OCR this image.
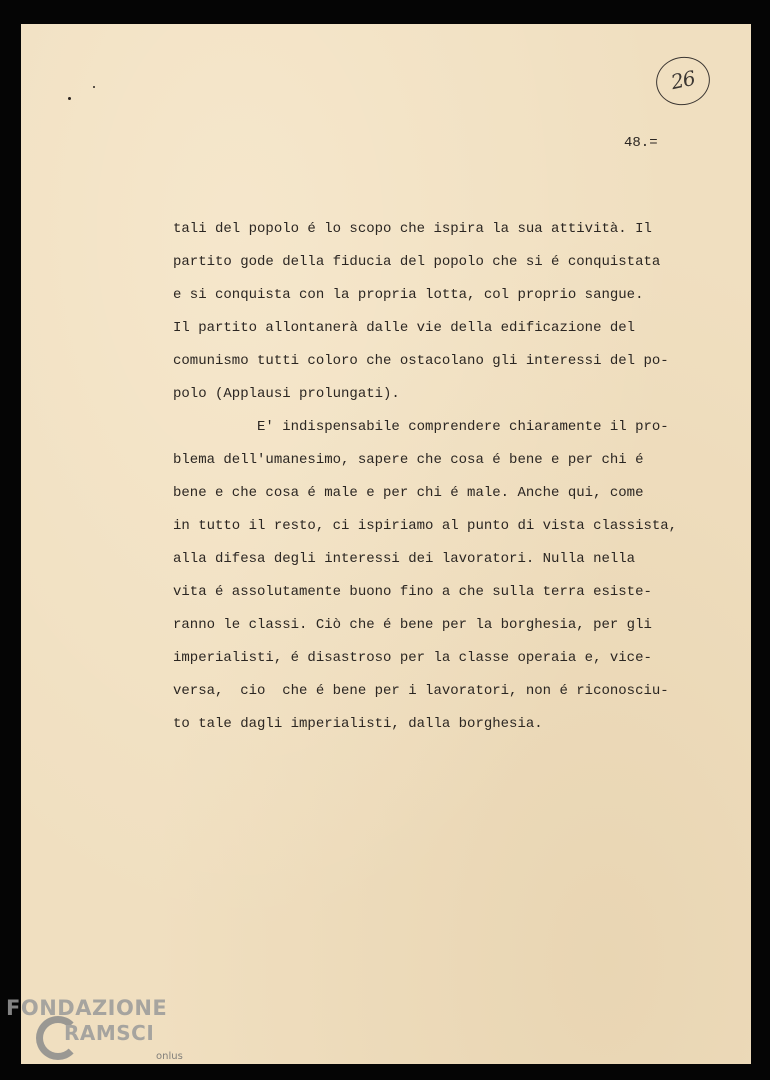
26
48.=
tali del popolo é lo scopo che ispira la sua attività. Il
partito gode della fiducia del popolo che si é conquistata
e si conquista con la propria lotta, col proprio sangue.
Il partito allontanerà dalle vie della edificazione del
comunismo tutti coloro che ostacolano gli interessi del po-
polo (Applausi prolungati).
E' indispensabile comprendere chiaramente il pro-
blema dell'umanesimo, sapere che cosa é bene e per chi é
bene e che cosa é male e per chi é male. Anche qui, come
in tutto il resto, ci ispiriamo al punto di vista classista,
alla difesa degli interessi dei lavoratori. Nulla nella
vita é assolutamente buono fino a che sulla terra esiste-
ranno le classi. Ciò che é bene per la borghesia, per gli
imperialisti, é disastroso per la classe operaia e, vice-
versa,  cio  che é bene per i lavoratori, non é riconosciu-
to tale dagli imperialisti, dalla borghesia.
FONDAZIONE
RAMSCI
onlus
